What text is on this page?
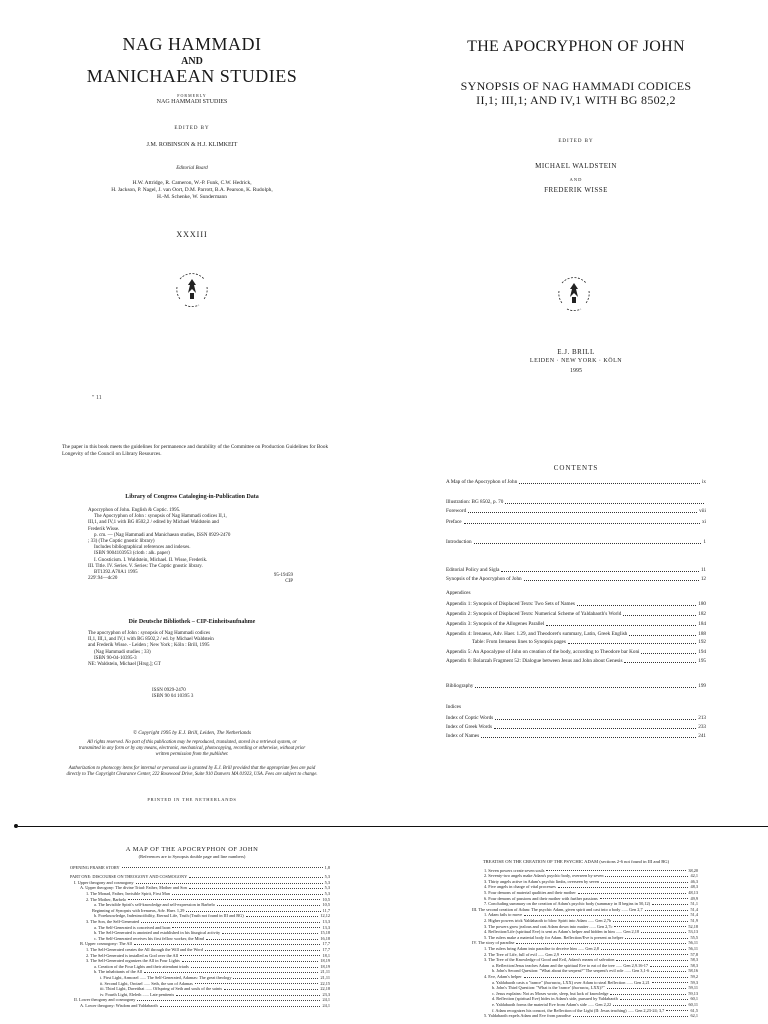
NAG HAMMADI
AND
MANICHAEAN STUDIES
FORMERLY
NAG HAMMADI STUDIES
EDITED BY
J.M. ROBINSON & H.J. KLIMKEIT
Editorial Board
H.W. Attridge, R. Cameron, W.-P. Funk, C.W. Hedrick,
H. Jackson, P. Nagel, J. van Oort, D.M. Parrott, B.A. Pearson, K. Rudolph,
H.-M. Schenke, W. Sundermann
XXXIII
" 11
THE APOCRYPHON OF JOHN
SYNOPSIS OF NAG HAMMADI CODICES
II,1; III,1; AND IV,1 WITH BG 8502,2
EDITED BY
MICHAEL WALDSTEIN
AND
FREDERIK WISSE
E.J. BRILL
LEIDEN · NEW YORK · KÖLN
1995
The paper in this book meets the guidelines for permanence and durability of the Committee on Production Guidelines for Book Longevity of the Council on Library Resources.
Library of Congress Cataloging-in-Publication Data
Apocryphon of John. English & Coptic. 1995.
The Apocryphon of John : synopsis of Nag Hammadi codices II,1,
III,1, and IV,1 with BG 8502,2 / edited by Michael Waldstein and
Frederik Wisse.
p. cm. — (Nag Hammadi and Manichaean studies, ISSN 0929-2470
; 33) (The Coptic gnostic library)
Includes bibliographical references and indexes.
ISBN 9004103953 (cloth : alk. paper)
I. Gnosticism. I. Waldstein, Michael. II. Wisse, Frederik.
III. Title. IV. Series. V. Series: The Coptic gnostic library.
BT1392.A70A1 1995
229'.94—dc20
95-19459
CIP
Die Deutsche Bibliothek – CIP-Einheitsaufnahme
The apocryphon of John : synopsis of Nag Hammadi codices
II,1, III,1, and IV,1 with BG 8502,2 / ed. by Michael Waldstein
and Frederik Wisse. - Leiden ; New York ; Köln : Brill, 1995
(Nag Hammadi studies ; 33)
ISBN 90-04-10395-3
NE: Waldstein, Michael [Hrsg.]; GT
ISSN 0929-2470
ISBN 90 04 10395 3
© Copyright 1995 by E.J. Brill, Leiden, The Netherlands
All rights reserved. No part of this publication may be reproduced, translated, stored in a retrieval system, or transmitted in any form or by any means, electronic, mechanical, photocopying, recording or otherwise, without prior written permission from the publisher.
Authorization to photocopy items for internal or personal use is granted by E.J. Brill provided that the appropriate fees are paid directly to The Copyright Clearance Center, 222 Rosewood Drive, Suite 910 Danvers MA 01923, USA. Fees are subject to change.
PRINTED IN THE NETHERLANDS
CONTENTS
A Map of the Apocryphon of John	ix
Illustration: BG 8502, p. 70
Foreword	viii
Preface	xi
Introduction	1
Editorial Policy and Sigla	11
Synopsis of the Apocryphon of John	12
Appendices
Appendix 1: Synopsis of Displaced Texts: Two Sets of Names	180
Appendix 2: Synopsis of Displaced Texts: Numerical Scheme of Yaldabaoth's World	182
Appendix 3: Synopsis of the Allogenes Parallel	184
Appendix 4: Irenaeus, Adv. Haer. 1.29, and Theodoret's summary, Latin, Greek English	188
Table: From Irenaeus lines to Synopsis pages	192
Appendix 5: An Apocalypse of John on creation of the body, according to Theodore bar Koni	194
Appendix 6: Bolarzah Fragment 52: Dialogue between Jesus and John about Genesis	195
Bibliography	199
Indices
Index of Coptic Words	213
Index of Greek Words	233
Index of Names	241
A MAP OF THE APOCRYPHON OF JOHN
(References are to Synopsis double page and line numbers)
OPENING FRAME STORY	1,8
PART ONE: DISCOURSE ON THEOGONY AND COSMOGONY	5,3
I. Upper theogony and cosmogony	5,3
A. Upper theogony: The divine Triad: Father, Mother and Son	5,3
1. The Monad, Father, Invisible Spirit, First Man	5,3
2. The Mother, Barbelo	10,5
a. The Invisible Spirit's self-knowledge and self-expression in Barbelo	10,5
Beginning of Synopsis with Irenaeus, Adv. Haer. 1,29	11,7
b. Foreknowledge, Indestructibility, Eternal Life, Truth (Truth not found in III and BG)	12,12
3. The Son, the Self-Generated	13,3
a. The Self-Generated is conceived and born	13,3
b. The Self-Generated is anointed and established in his liturgical activity	15,18
c. The Self-Generated receives his first fellow worker, the Mind	16,18
B. Upper cosmogony: The All	17,7
1. The Self-Generated creates the All through the Will and the Word	17,7
2. The Self-Generated is installed as God over the All	18,1
3. The Self-Generated organizes the All in Four Lights	18,19
a. Creation of the Four Lights and their attendant triads	18,19
b. The inhabitants of the All	21,11
i. First Light, Armozel ...... The Self-Generated, Adamas: The great theology	21,11
ii. Second Light, Oroiael ...... Seth, the son of Adamas	22,15
iii. Third Light, Daveithai ...... Offspring of Seth and souls of the saints	22,18
iv. Fourth Light, Eleleth ...... Late penitents	23,3
II. Lower theogony and cosmogony	24,1
A. Lower theogony: Wisdom and Yaldabaoth	24,1
TREATISE ON THE CREATION OF THE PSYCHIC ADAM (sections 2-6 not found in III and BG)
1. Seven powers create seven souls	38,20
2. Seventy-two angels make Adam's psychic body, overseen by seven	42,1
3. Thirty angels active in Adam's psychic limbs, overseen by seven	46,3
4. Five angels in charge of vital processes	48,3
5. Four demons of material qualities and their mother	48,13
6. Four demons of passions and their mother with further passions	49,9
7. Concluding summary on the creation of Adam's psychic body (summary in II begins in 50,12)	51,1
III. The second creation of Adam: The psychic Adam, given spirit and cast into a body ...... Gen 2,7	51,4
1. Adam fails to move	51,4
2. Higher powers trick Yaldabaoth to blow Spirit into Adam ...... Gen 2,7b	51,9
3. The powers grow jealous and cast Adam down into matter ...... Gen 2,7c	52,18
4. Reflection/Life (spiritual Eve) is sent as Adam's helper and hidden in him ...... Gen 2,18	53,13
5. The rulers make a material body for Adam. Reflection/Eve is present as helper	55,5
IV. The story of paradise	56,11
1. The rulers bring Adam into paradise to deceive him ...... Gen 2,8	56,11
2. The Tree of Life, full of evil ...... Gen 2,9	57,8
3. The Tree of the Knowledge of Good and Evil, Adam's means of salvation	58,3
a. Reflection/Jesus teaches Adam and the spiritual Eve to eat of the tree ...... Gen 2,9.16-17	58,3
b. John's Second Question: "What about the serpent?" The serpent's evil role ...... Gen 3,1-6	58,16
4. Eve, Adam's helper	59,2
a. Yaldabaoth casts a "trance" (ἔκστασις, LXX) over Adam to steal Reflection ...... Gen 2,21	59,3
b. John's Third Question: "What is the 'trance' (ἔκστασις, LXX)?"	59,11
c. Jesus explains: Not as Moses wrote, sleep, but lack of knowledge	59,13
d. Reflection (spiritual Eve) hides in Adam's side, pursued by Yaldabaoth	60,1
e. Yaldabaoth forms the material Eve from Adam's side ...... Gen 2,22	60,11
f. Adam recognizes his consort, the Reflection of the Light (II: Jesus teaching) ...... Gen 2,23-24; 3,7	61,5
5. Yaldabaoth expels Adam and Eve from paradise	62,1
